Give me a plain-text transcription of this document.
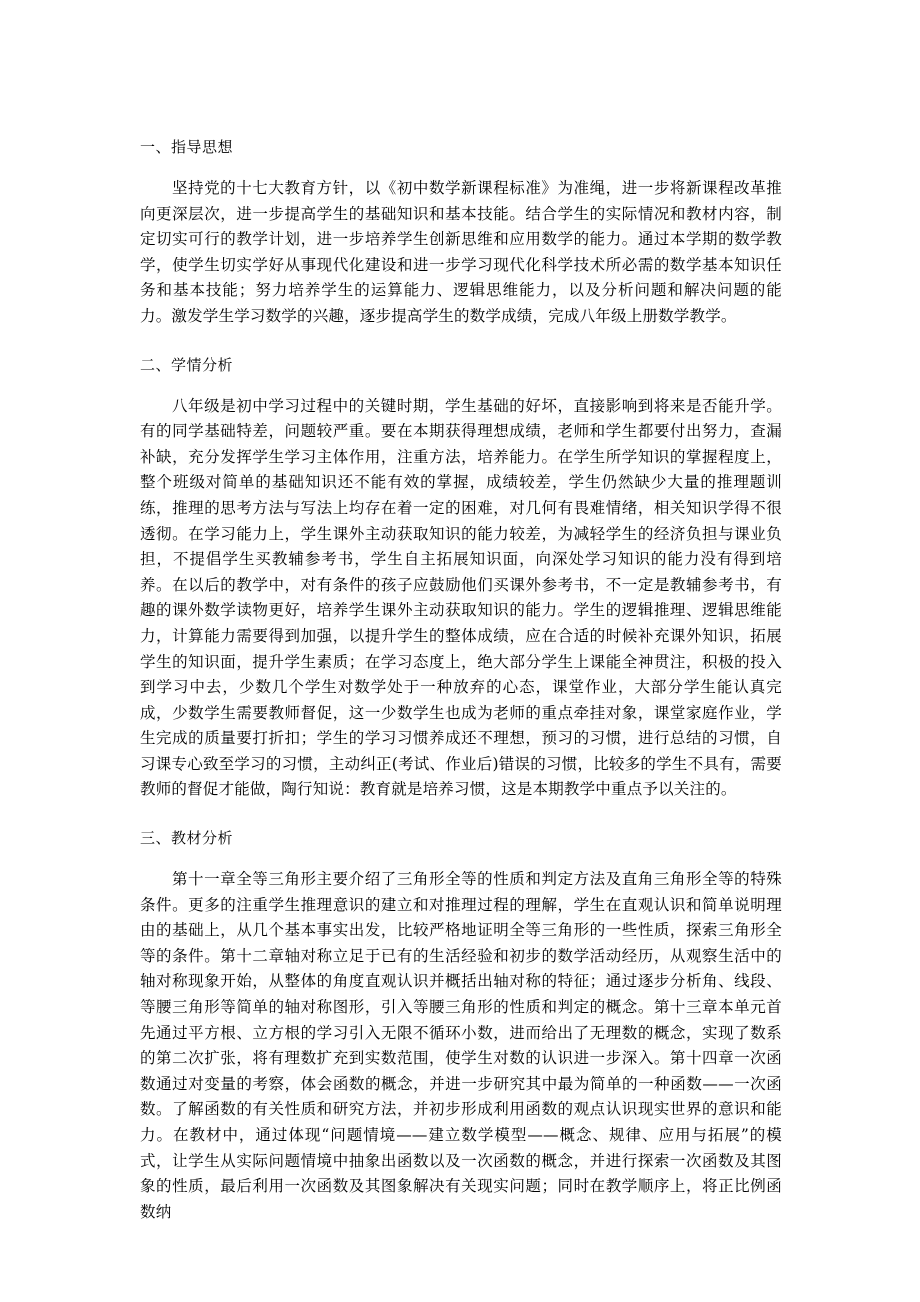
一、指导思想

坚持党的十七大教育方针，以《初中数学新课程标准》为准绳，进一步将新课程改革推向更深层次，进一步提高学生的基础知识和基本技能。结合学生的实际情况和教材内容，制定切实可行的教学计划，进一步培养学生创新思维和应用数学的能力。通过本学期的数学教学，使学生切实学好从事现代化建设和进一步学习现代化科学技术所必需的数学基本知识任务和基本技能；努力培养学生的运算能力、逻辑思维能力，以及分析问题和解决问题的能力。激发学生学习数学的兴趣，逐步提高学生的数学成绩，完成八年级上册数学教学。

二、学情分析

八年级是初中学习过程中的关键时期，学生基础的好坏，直接影响到将来是否能升学。有的同学基础特差，问题较严重。要在本期获得理想成绩，老师和学生都要付出努力，查漏补缺，充分发挥学生学习主体作用，注重方法，培养能力。在学生所学知识的掌握程度上，整个班级对简单的基础知识还不能有效的掌握，成绩较差，学生仍然缺少大量的推理题训练，推理的思考方法与写法上均存在着一定的困难，对几何有畏难情绪，相关知识学得不很透彻。在学习能力上，学生课外主动获取知识的能力较差，为减轻学生的经济负担与课业负担，不提倡学生买教辅参考书，学生自主拓展知识面，向深处学习知识的能力没有得到培养。在以后的教学中，对有条件的孩子应鼓励他们买课外参考书，不一定是教辅参考书，有趣的课外数学读物更好，培养学生课外主动获取知识的能力。学生的逻辑推理、逻辑思维能力，计算能力需要得到加强，以提升学生的整体成绩，应在合适的时候补充课外知识，拓展学生的知识面，提升学生素质；在学习态度上，绝大部分学生上课能全神贯注，积极的投入到学习中去，少数几个学生对数学处于一种放弃的心态，课堂作业，大部分学生能认真完成，少数学生需要教师督促，这一少数学生也成为老师的重点牵挂对象，课堂家庭作业，学生完成的质量要打折扣；学生的学习习惯养成还不理想，预习的习惯，进行总结的习惯，自习课专心致至学习的习惯，主动纠正(考试、作业后)错误的习惯，比较多的学生不具有，需要教师的督促才能做，陶行知说：教育就是培养习惯，这是本期教学中重点予以关注的。

三、教材分析

第十一章全等三角形主要介绍了三角形全等的性质和判定方法及直角三角形全等的特殊条件。更多的注重学生推理意识的建立和对推理过程的理解，学生在直观认识和简单说明理由的基础上，从几个基本事实出发，比较严格地证明全等三角形的一些性质，探索三角形全等的条件。第十二章轴对称立足于已有的生活经验和初步的数学活动经历，从观察生活中的轴对称现象开始，从整体的角度直观认识并概括出轴对称的特征；通过逐步分析角、线段、等腰三角形等简单的轴对称图形，引入等腰三角形的性质和判定的概念。第十三章本单元首先通过平方根、立方根的学习引入无限不循环小数，进而给出了无理数的概念，实现了数系的第二次扩张，将有理数扩充到实数范围，使学生对数的认识进一步深入。第十四章一次函数通过对变量的考察，体会函数的概念，并进一步研究其中最为简单的一种函数——一次函数。了解函数的有关性质和研究方法，并初步形成利用函数的观点认识现实世界的意识和能力。在教材中，通过体现“问题情境——建立数学模型——概念、规律、应用与拓展”的模式，让学生从实际问题情境中抽象出函数以及一次函数的概念，并进行探索一次函数及其图象的性质，最后利用一次函数及其图象解决有关现实问题；同时在教学顺序上，将正比例函数纳
